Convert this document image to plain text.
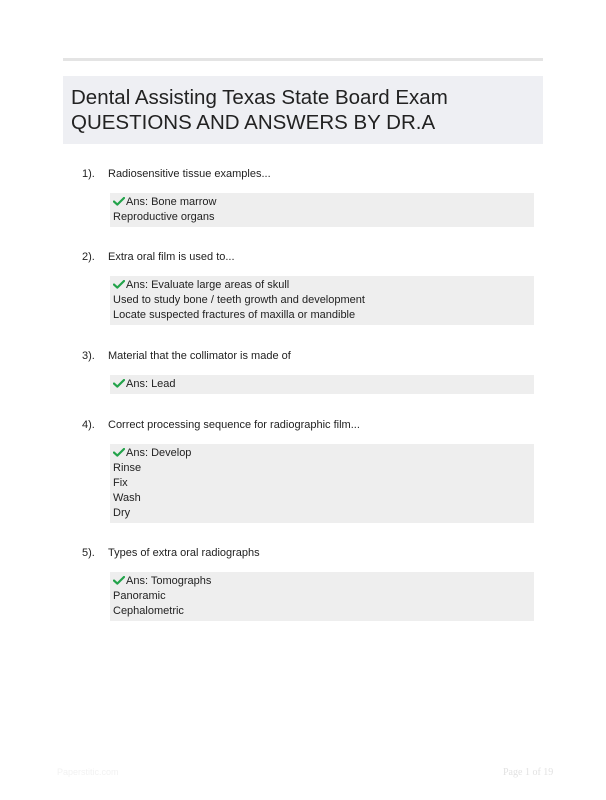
Dental Assisting Texas State Board Exam
QUESTIONS AND ANSWERS BY DR.A
1). Radiosensitive tissue examples...
Ans: Bone marrow
Reproductive organs
2). Extra oral film is used to...
Ans: Evaluate large areas of skull
Used to study bone / teeth growth and development
Locate suspected fractures of maxilla or mandible
3). Material that the collimator is made of
Ans: Lead
4). Correct processing sequence for radiographic film...
Ans: Develop
Rinse
Fix
Wash
Dry
5). Types of extra oral radiographs
Ans: Tomographs
Panoramic
Cephalometric
Paperstitic.com	Page 1 of 19
